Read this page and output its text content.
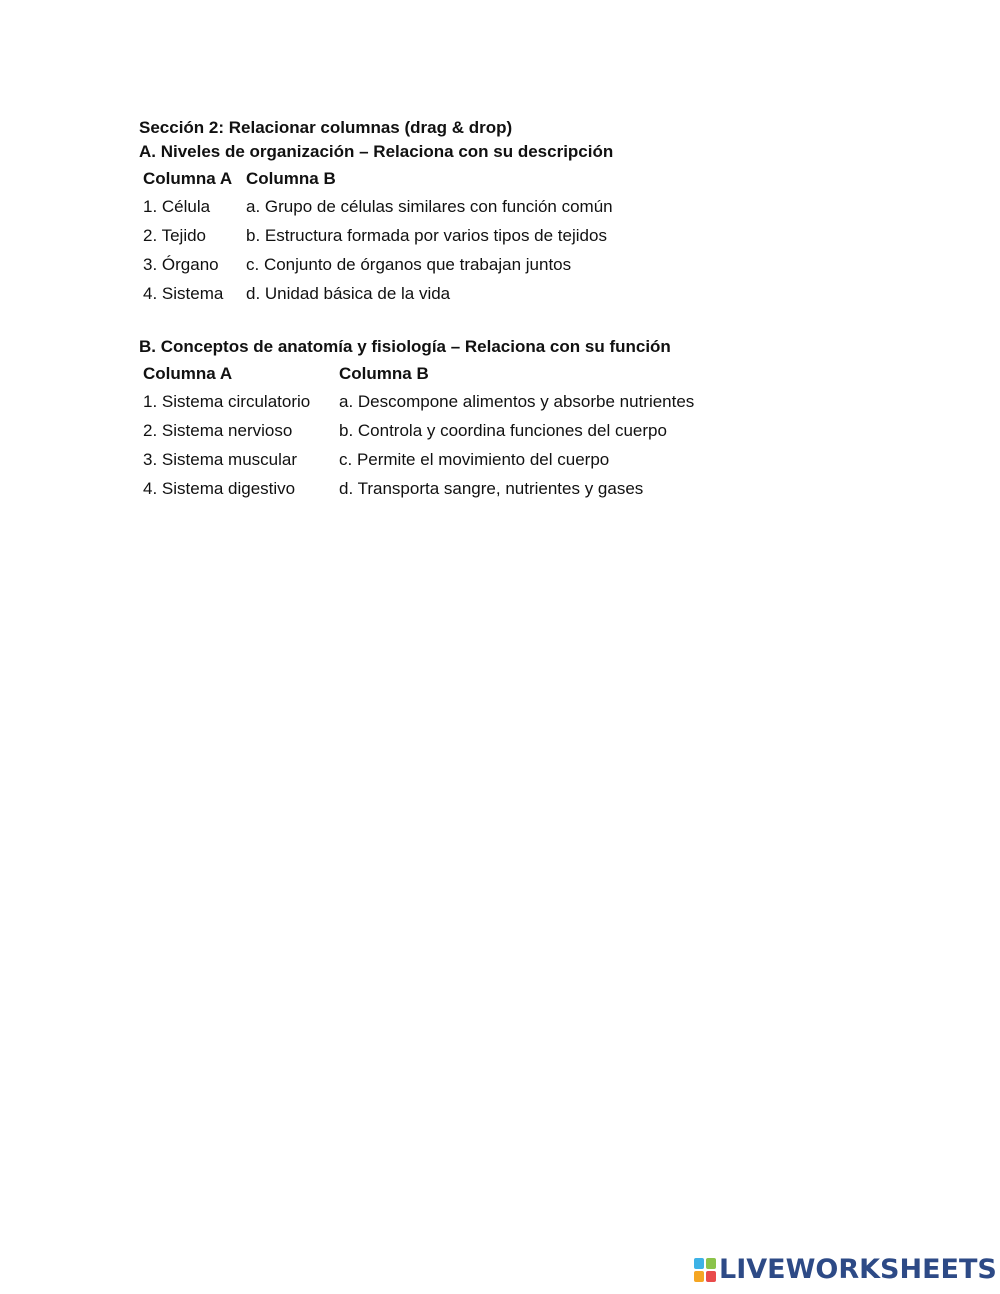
Sección 2: Relacionar columnas (drag & drop)
A. Niveles de organización – Relaciona con su descripción
Columna A	Columna B
1. Célula	a. Grupo de células similares con función común
2. Tejido	b. Estructura formada por varios tipos de tejidos
3. Órgano	c. Conjunto de órganos que trabajan juntos
4. Sistema	d. Unidad básica de la vida
B. Conceptos de anatomía y fisiología – Relaciona con su función
Columna A	Columna B
1. Sistema circulatorio	a. Descompone alimentos y absorbe nutrientes
2. Sistema nervioso	b. Controla y coordina funciones del cuerpo
3. Sistema muscular	c. Permite el movimiento del cuerpo
4. Sistema digestivo	d. Transporta sangre, nutrientes y gases
LIVEWORKSHEETS
